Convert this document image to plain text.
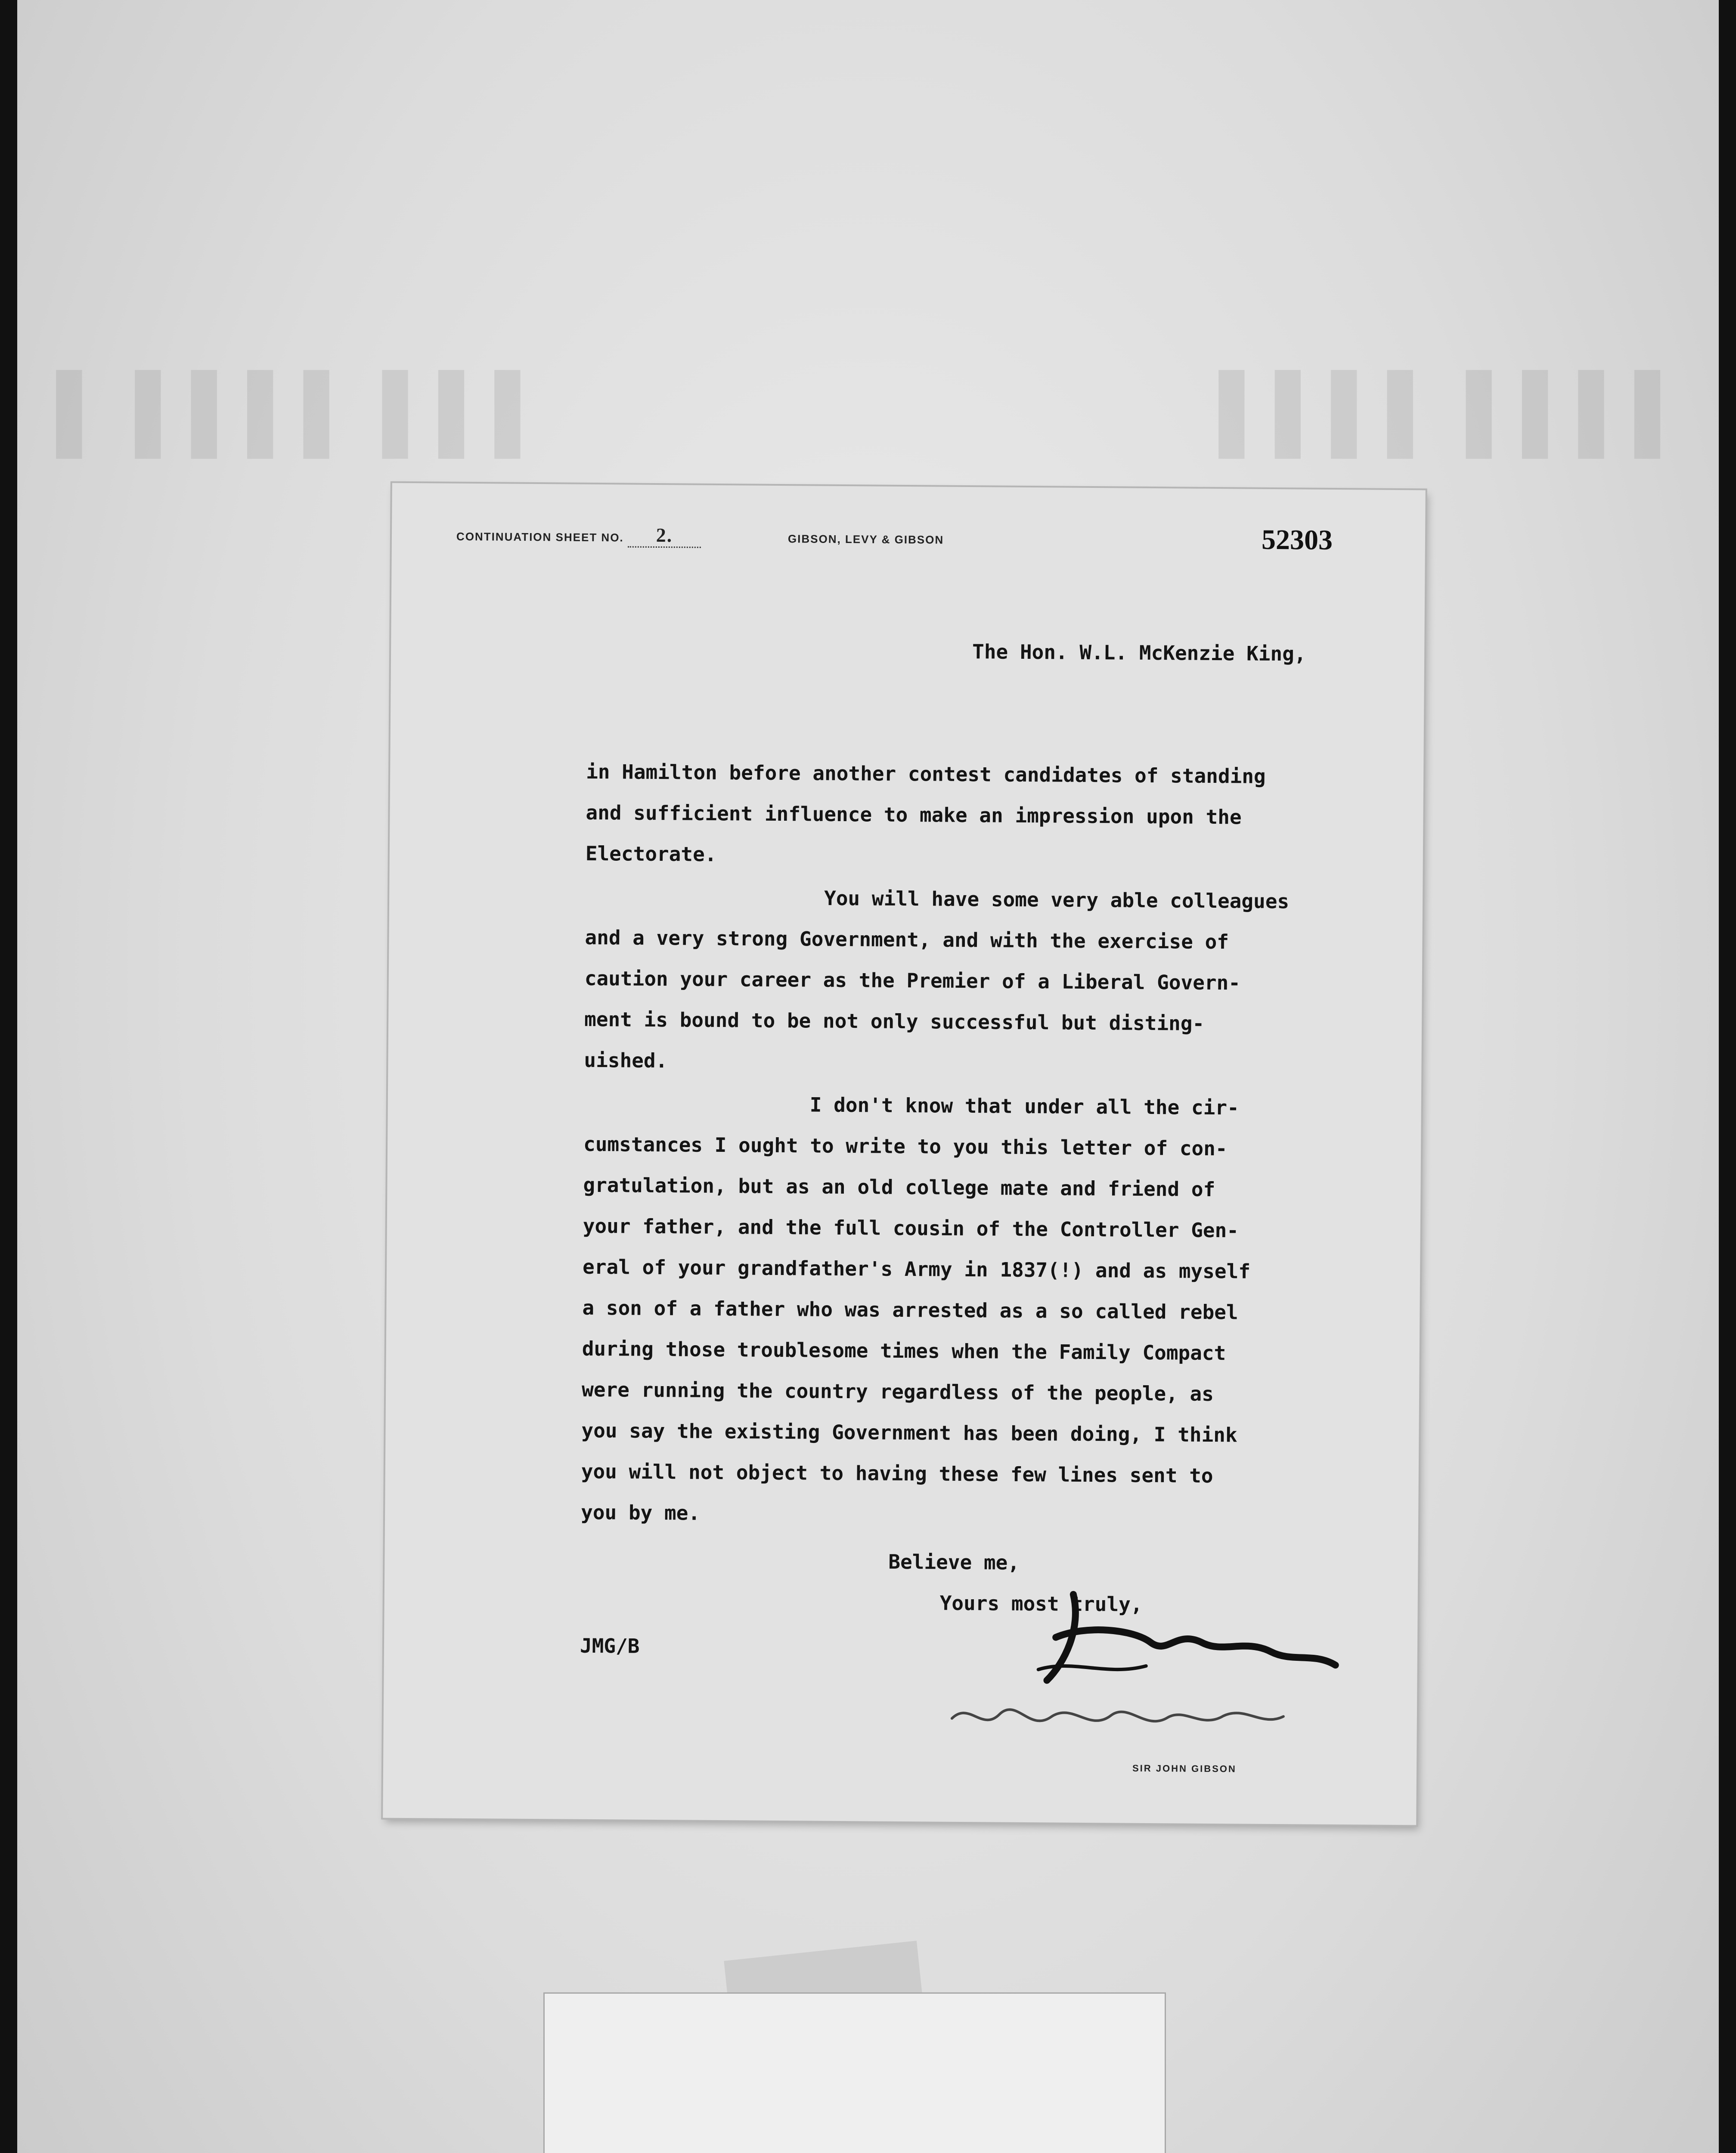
▌▌▌ ▌▌▌▌ ▌	▌▌▌▌ ▌▌▌▌
CONTINUATION SHEET NO. 2.	GIBSON, LEVY & GIBSON	52303
The Hon. W.L. McKenzie King,
in Hamilton before another contest candidates of standing
and sufficient influence to make an impression upon the
Electorate.
You will have some very able colleagues
and a very strong Government, and with the exercise of
caution your career as the Premier of a Liberal Govern-
ment is bound to be not only successful but disting-
uished.
I don't know that under all the cir-
cumstances I ought to write to you this letter of con-
gratulation, but as an old college mate and friend of
your father, and the full cousin of the Controller Gen-
eral of your grandfather's Army in 1837(!) and as myself
a son of a father who was arrested as a so called rebel
during those troublesome times when the Family Compact
were running the country regardless of the people, as
you say the existing Government has been doing, I think
you will not object to having these few lines sent to
you by me.
Believe me,
Yours most truly,
JMG/B
SIR JOHN GIBSON
